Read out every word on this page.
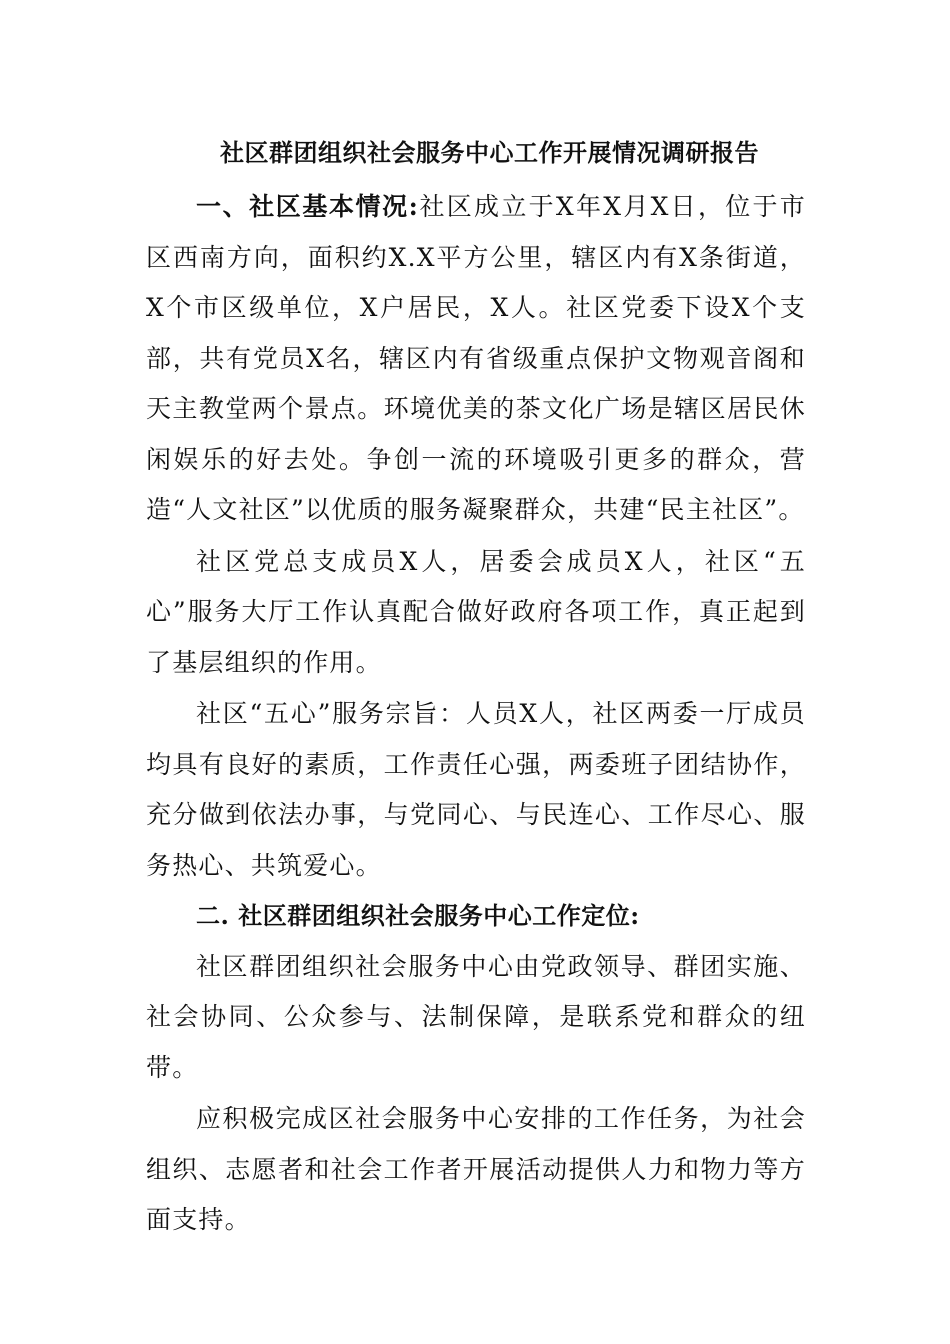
社区群团组织社会服务中心工作开展情况调研报告

一、社区基本情况:社区成立于X年X月X日，位于市区西南方向，面积约X.X平方公里，辖区内有X条街道，X个市区级单位，X户居民，X人。社区党委下设X个支部，共有党员X名，辖区内有省级重点保护文物观音阁和天主教堂两个景点。环境优美的茶文化广场是辖区居民休闲娱乐的好去处。争创一流的环境吸引更多的群众，营造“人文社区”以优质的服务凝聚群众，共建“民主社区”。

社区党总支成员X人，居委会成员X人，社区“五心”服务大厅工作认真配合做好政府各项工作，真正起到了基层组织的作用。

社区“五心”服务宗旨：人员X人，社区两委一厅成员均具有良好的素质，工作责任心强，两委班子团结协作，充分做到依法办事，与党同心、与民连心、工作尽心、服务热心、共筑爱心。

二. 社区群团组织社会服务中心工作定位:

社区群团组织社会服务中心由党政领导、群团实施、社会协同、公众参与、法制保障，是联系党和群众的纽带。

应积极完成区社会服务中心安排的工作任务，为社会组织、志愿者和社会工作者开展活动提供人力和物力等方面支持。
